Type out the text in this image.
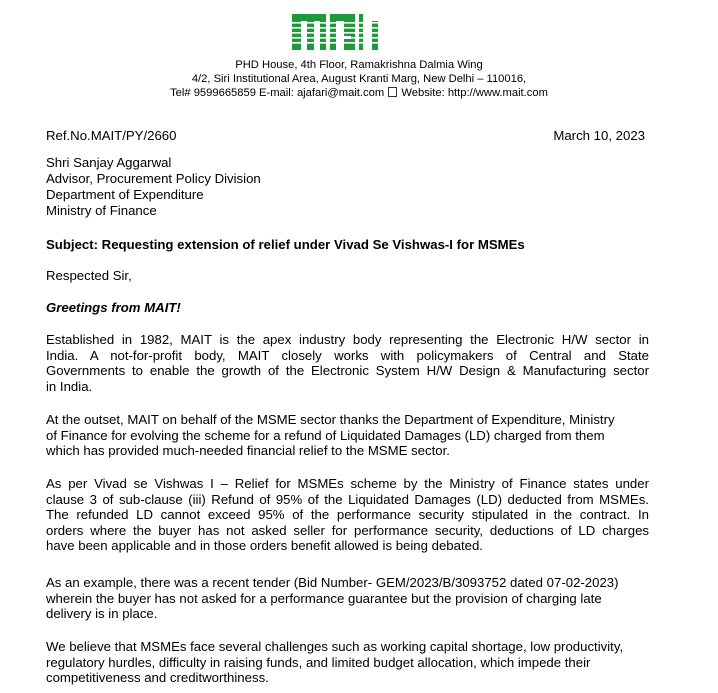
PHD House, 4th Floor, Ramakrishna Dalmia Wing
4/2, Siri Institutional Area, August Kranti Marg, New Delhi – 110016,
Tel# 9599665859 E-mail: ajafari@mait.com Website: http://www.mait.com
Ref.No.MAIT/PY/2660	March 10, 2023
Shri Sanjay Aggarwal
Advisor, Procurement Policy Division
Department of Expenditure
Ministry of Finance
Subject: Requesting extension of relief under Vivad Se Vishwas-I for MSMEs
Respected Sir,
Greetings from MAIT!
Established in 1982, MAIT is the apex industry body representing the Electronic H/W sector in
India. A not-for-profit body, MAIT closely works with policymakers of Central and State
Governments to enable the growth of the Electronic System H/W Design & Manufacturing sector
in India.
At the outset, MAIT on behalf of the MSME sector thanks the Department of Expenditure, Ministry
of Finance for evolving the scheme for a refund of Liquidated Damages (LD) charged from them
which has provided much-needed financial relief to the MSME sector.
As per Vivad se Vishwas I – Relief for MSMEs scheme by the Ministry of Finance states under
clause 3 of sub-clause (iii) Refund of 95% of the Liquidated Damages (LD) deducted from MSMEs.
The refunded LD cannot exceed 95% of the performance security stipulated in the contract. In
orders where the buyer has not asked seller for performance security, deductions of LD charges
have been applicable and in those orders benefit allowed is being debated.
As an example, there was a recent tender (Bid Number- GEM/2023/B/3093752 dated 07-02-2023)
wherein the buyer has not asked for a performance guarantee but the provision of charging late
delivery is in place.
We believe that MSMEs face several challenges such as working capital shortage, low productivity,
regulatory hurdles, difficulty in raising funds, and limited budget allocation, which impede their
competitiveness and creditworthiness.
